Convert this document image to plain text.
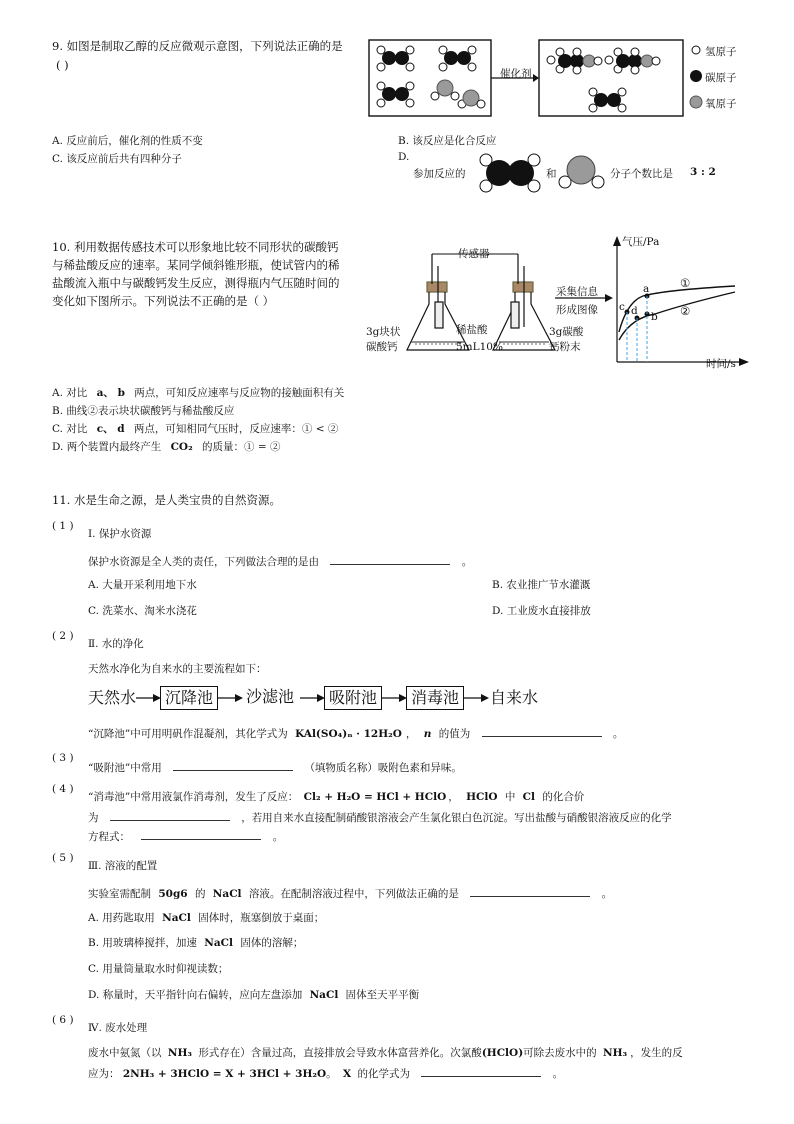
9. 如图是制取乙醇的反应微观示意图，下列说法正确的是
( )
催化剂
氢原子
碳原子
氧原子
A. 反应前后，催化剂的性质不变	B. 该反应是化合反应
C. 该反应前后共有四种分子	D.
参加反应的	和	分子个数比是 3 : 2
10. 利用数据传感技术可以形象地比较不同形状的碳酸钙
与稀盐酸反应的速率。某同学倾斜锥形瓶，使试管内的稀
盐酸流入瓶中与碳酸钙发生反应，测得瓶内气压随时间的
变化如下图所示。下列说法不正确的是（ ）
传感器
采集信息
形成图像
3g块状
碳酸钙
稀盐酸
5mL10%
3g碳酸
钙粉末
气压/Pa
时间/s
a
b
c d
①
②
A. 对比 a、 b 两点，可知反应速率与反应物的接触面积有关
B. 曲线②表示块状碳酸钙与稀盐酸反应
C. 对比 c、 d 两点，可知相同气压时，反应速率：① < ②
D. 两个装置内最终产生 CO₂ 的质量：① = ②
11. 水是生命之源，是人类宝贵的自然资源。
( 1 )
Ⅰ. 保护水资源
保护水资源是全人类的责任，下列做法合理的是由	。
A. 大量开采利用地下水	B. 农业推广节水灌溉
C. 洗菜水、淘米水浇花	D. 工业废水直接排放
( 2 )
Ⅱ. 水的净化
天然水净化为自来水的主要流程如下：
天然水	沉降池	沙滤池	吸附池	消毒池	自来水
“沉降池”中可用明矾作混凝剂，其化学式为 KAl(SO₄)ₙ · 12H₂O ， n 的值为	。
( 3 )
“吸附池”中常用	（填物质名称）吸附色素和异味。
( 4 )
“消毒池”中常用液氯作消毒剂，发生了反应： Cl₂ + H₂O = HCl + HClO ， HClO 中 Cl 的化合价
为	，若用自来水直接配制硝酸银溶液会产生氯化银白色沉淀。写出盐酸与硝酸银溶液反应的化学
方程式：	。
( 5 )
Ⅲ. 溶液的配置
实验室需配制 50g6 的 NaCl 溶液。在配制溶液过程中，下列做法正确的是	。
A. 用药匙取用 NaCl 固体时，瓶塞倒放于桌面；
B. 用玻璃棒搅拌，加速 NaCl 固体的溶解；
C. 用量筒量取水时仰视读数；
D. 称量时，天平指针向右偏转，应向左盘添加 NaCl 固体至天平平衡
( 6 )
Ⅳ. 废水处理
废水中氨氮（以 NH₃ 形式存在）含量过高，直接排放会导致水体富营养化。次氯酸(HClO)可除去废水中的 NH₃ ，发生的反
应为： 2NH₃ + 3HClO = X + 3HCl + 3H₂O。 X 的化学式为	。
